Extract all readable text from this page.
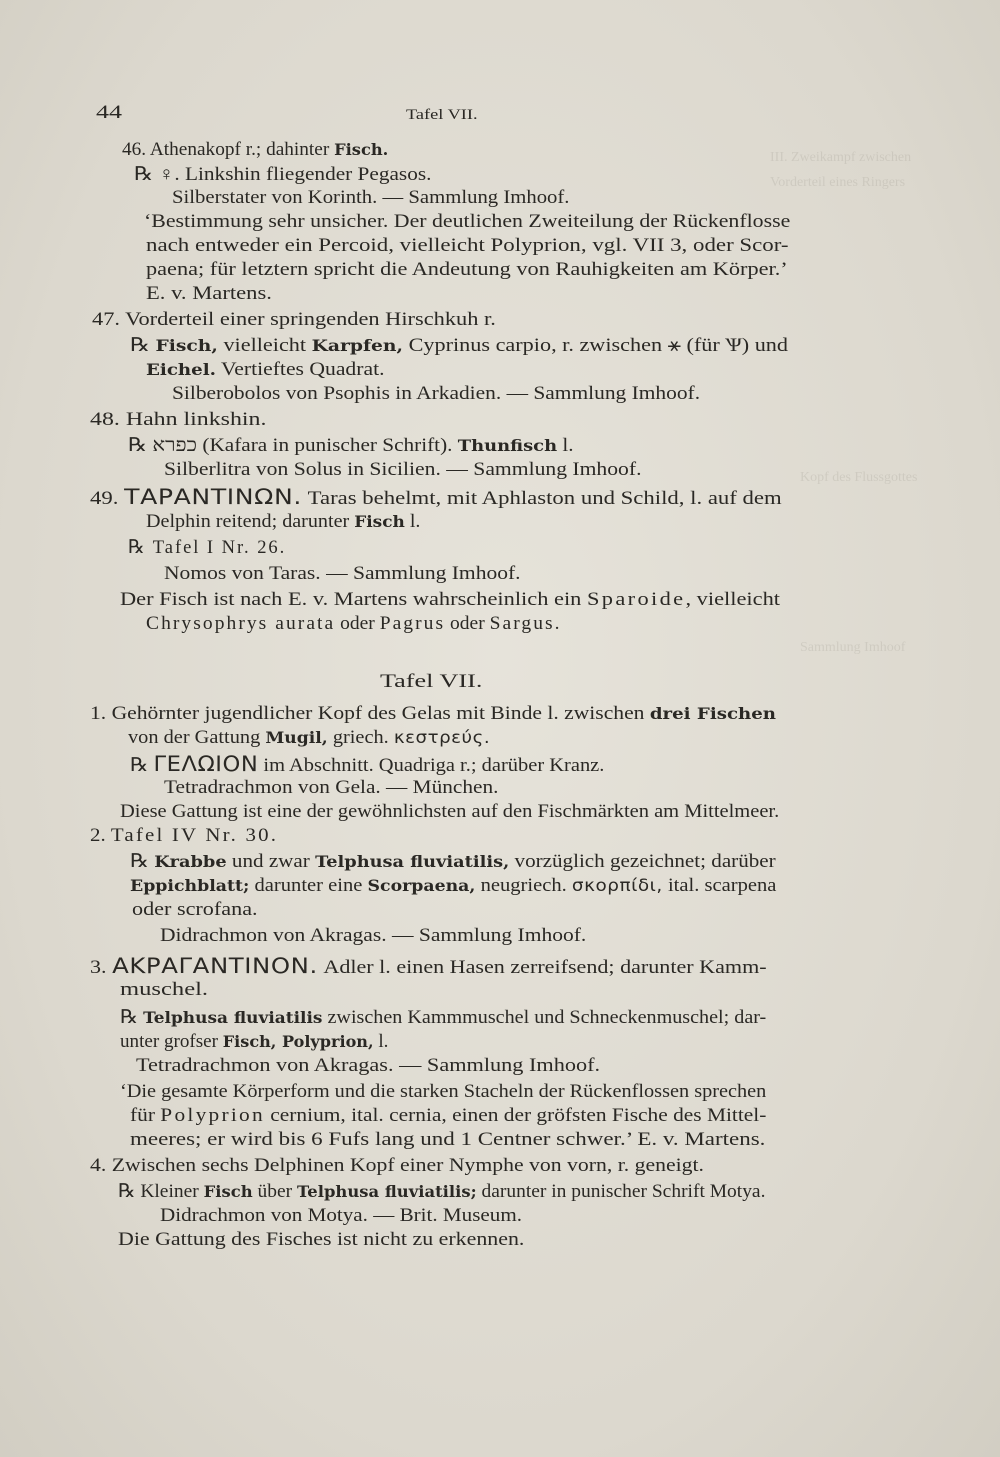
III. Zweikampf zwischen
Vorderteil eines Ringers
Kopf des Flussgottes
Sammlung Imhoof
46. Athenakopf r.; dahinter Fisch.
℞ ♀. Linkshin fliegender Pegasos.
Silberstater von Korinth. — Sammlung Imhoof.
‘Bestimmung sehr unsicher. Der deutlichen Zweiteilung der Rückenflosse
nach entweder ein Percoid, vielleicht Polyprion, vgl. VII 3, oder Scor-
paena; für letztern spricht die Andeutung von Rauhigkeiten am Körper.’
E. v. Martens.
47. Vorderteil einer springenden Hirschkuh r.
℞ Fisch, vielleicht Karpfen, Cyprinus carpio, r. zwischen ⚹ (für Ѱ) und
Eichel. Vertieftes Quadrat.
Silberobolos von Psophis in Arkadien. — Sammlung Imhoof.
48. Hahn linkshin.
℞ כפרא (Kafara in punischer Schrift). Thunfisch l.
Silberlitra von Solus in Sicilien. — Sammlung Imhoof.
49. ΤΑΡΑΝΤΙΝΩΝ. Taras behelmt, mit Aphlaston und Schild, l. auf dem
Delphin reitend; darunter Fisch l.
℞ Tafel I Nr. 26.
Nomos von Taras. — Sammlung Imhoof.
Der Fisch ist nach E. v. Martens wahrscheinlich ein Sparoide, vielleicht
Chrysophrys aurata oder Pagrus oder Sargus.
Tafel VII.
1. Gehörnter jugendlicher Kopf des Gelas mit Binde l. zwischen drei Fischen
von der Gattung Mugil, griech. κεστρεύς.
℞ ΓΕΛΩΙΟΝ im Abschnitt. Quadriga r.; darüber Kranz.
Tetradrachmon von Gela. — München.
Diese Gattung ist eine der gewöhnlichsten auf den Fischmärkten am Mittelmeer.
2. Tafel IV Nr. 30.
℞ Krabbe und zwar Telphusa fluviatilis, vorzüglich gezeichnet; darüber
Eppichblatt; darunter eine Scorpaena, neugriech. σκορπίδι, ital. scarpena
oder scrofana.
Didrachmon von Akragas. — Sammlung Imhoof.
3. ΑΚΡΑΓΑΝΤΙΝΟΝ. Adler l. einen Hasen zerreifsend; darunter Kamm-
muschel.
℞ Telphusa fluviatilis zwischen Kammmuschel und Schneckenmuschel; dar-
unter grofser Fisch, Polyprion, l.
Tetradrachmon von Akragas. — Sammlung Imhoof.
‘Die gesamte Körperform und die starken Stacheln der Rückenflossen sprechen
für Polyprion cernium, ital. cernia, einen der gröfsten Fische des Mittel-
meeres; er wird bis 6 Fufs lang und 1 Centner schwer.’ E. v. Martens.
4. Zwischen sechs Delphinen Kopf einer Nymphe von vorn, r. geneigt.
℞ Kleiner Fisch über Telphusa fluviatilis; darunter in punischer Schrift Motya.
Didrachmon von Motya. — Brit. Museum.
Die Gattung des Fisches ist nicht zu erkennen.
44	Tafel VII.
